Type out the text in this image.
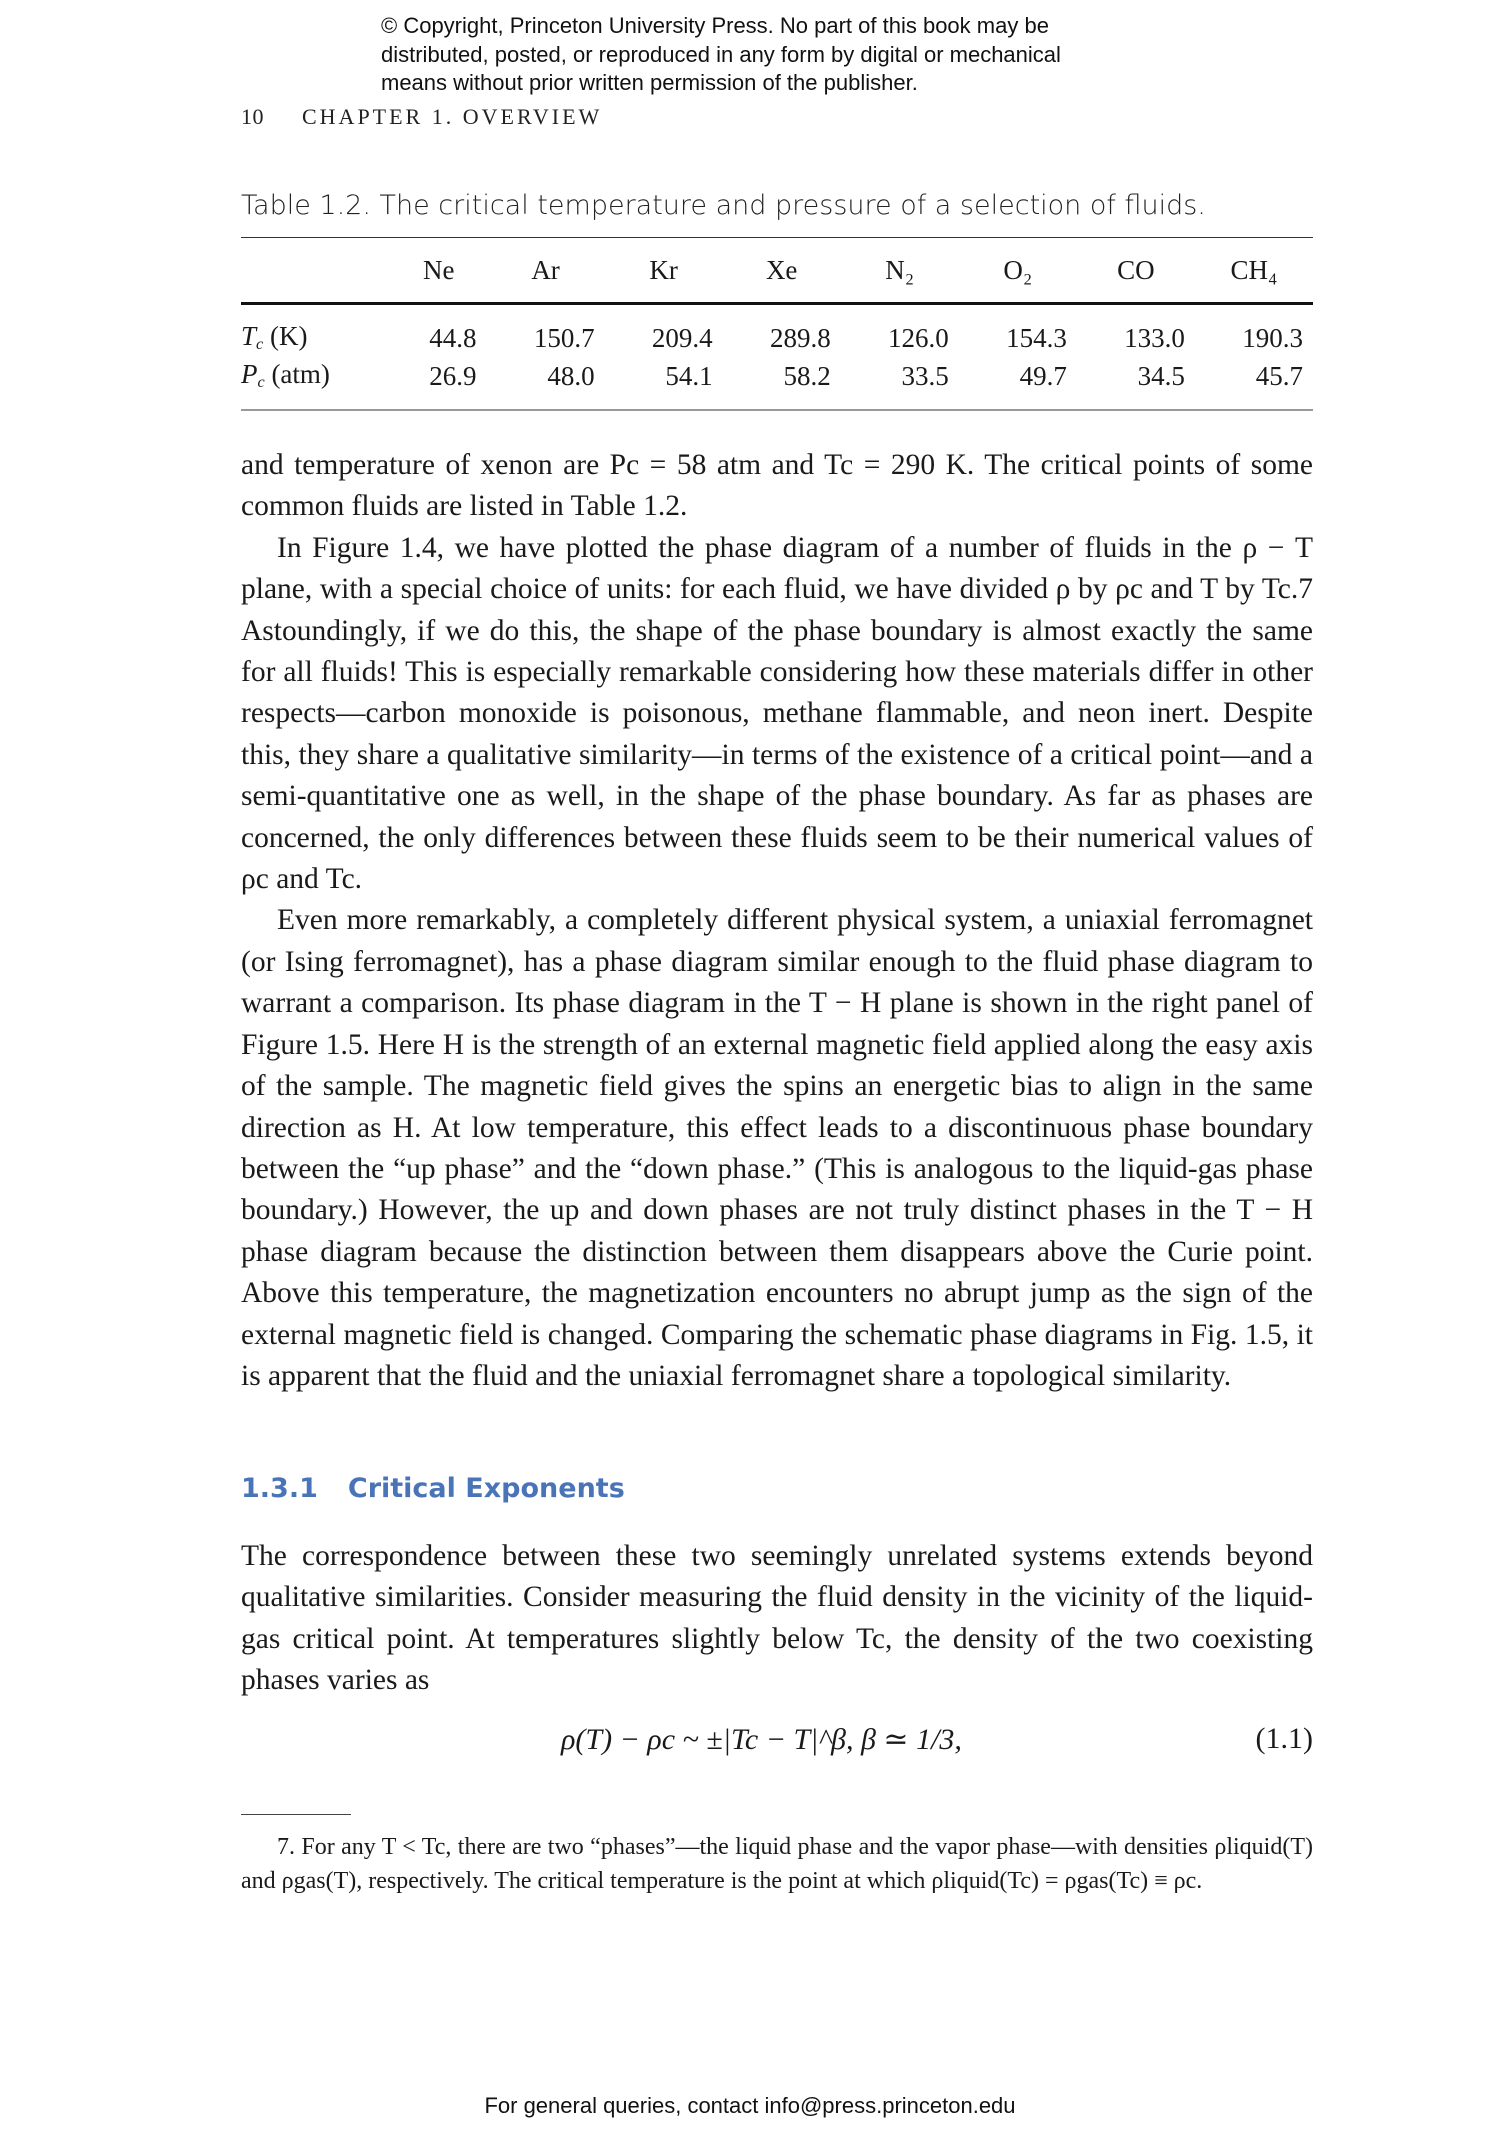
© Copyright, Princeton University Press. No part of this book may be
distributed, posted, or reproduced in any form by digital or mechanical
means without prior written permission of the publisher.
10 CHAPTER 1. OVERVIEW
Table 1.2. The critical temperature and pressure of a selection of fluids.
	Ne	Ar	Kr	Xe	N₂	O₂	CO	CH₄
$T_c$ (K)	44.8	150.7	209.4	289.8	126.0	154.3	133.0	190.3
$P_c$ (atm)	26.9	48.0	54.1	58.2	33.5	49.7	34.5	45.7

and temperature of xenon are Pc = 58 atm and Tc = 290 K. The critical points of some common fluids are listed in Table 1.2.

In Figure 1.4, we have plotted the phase diagram of a number of fluids in the ρ − T plane, with a special choice of units: for each fluid, we have divided ρ by ρc and T by Tc.7 Astoundingly, if we do this, the shape of the phase boundary is almost exactly the same for all fluids! This is especially remarkable considering how these materials differ in other respects—carbon monoxide is poisonous, methane flammable, and neon inert. Despite this, they share a qualitative similarity—in terms of the existence of a critical point—and a semi-quantitative one as well, in the shape of the phase boundary. As far as phases are concerned, the only differences between these fluids seem to be their numerical values of ρc and Tc.

Even more remarkably, a completely different physical system, a uniaxial ferromagnet (or Ising ferromagnet), has a phase diagram similar enough to the fluid phase diagram to warrant a comparison. Its phase diagram in the T − H plane is shown in the right panel of Figure 1.5. Here H is the strength of an external magnetic field applied along the easy axis of the sample. The magnetic field gives the spins an energetic bias to align in the same direction as H. At low temperature, this effect leads to a discontinuous phase boundary between the “up phase” and the “down phase.” (This is analogous to the liquid-gas phase boundary.) However, the up and down phases are not truly distinct phases in the T − H phase diagram because the distinction between them disappears above the Curie point. Above this temperature, the magnetization encounters no abrupt jump as the sign of the external magnetic field is changed. Comparing the schematic phase diagrams in Fig. 1.5, it is apparent that the fluid and the uniaxial ferromagnet share a topological similarity.

1.3.1 Critical Exponents

The correspondence between these two seemingly unrelated systems extends beyond qualitative similarities. Consider measuring the fluid density in the vicinity of the liquid-gas critical point. At temperatures slightly below Tc, the density of the two coexisting phases varies as

ρ(T) − ρc ~ ±|Tc − T|^β, β ≃ 1/3,	(1.1)

7. For any T < Tc, there are two “phases”—the liquid phase and the vapor phase—with densities ρliquid(T) and ρgas(T), respectively. The critical temperature is the point at which ρliquid(Tc) = ρgas(Tc) ≡ ρc.

For general queries, contact info@press.princeton.edu
